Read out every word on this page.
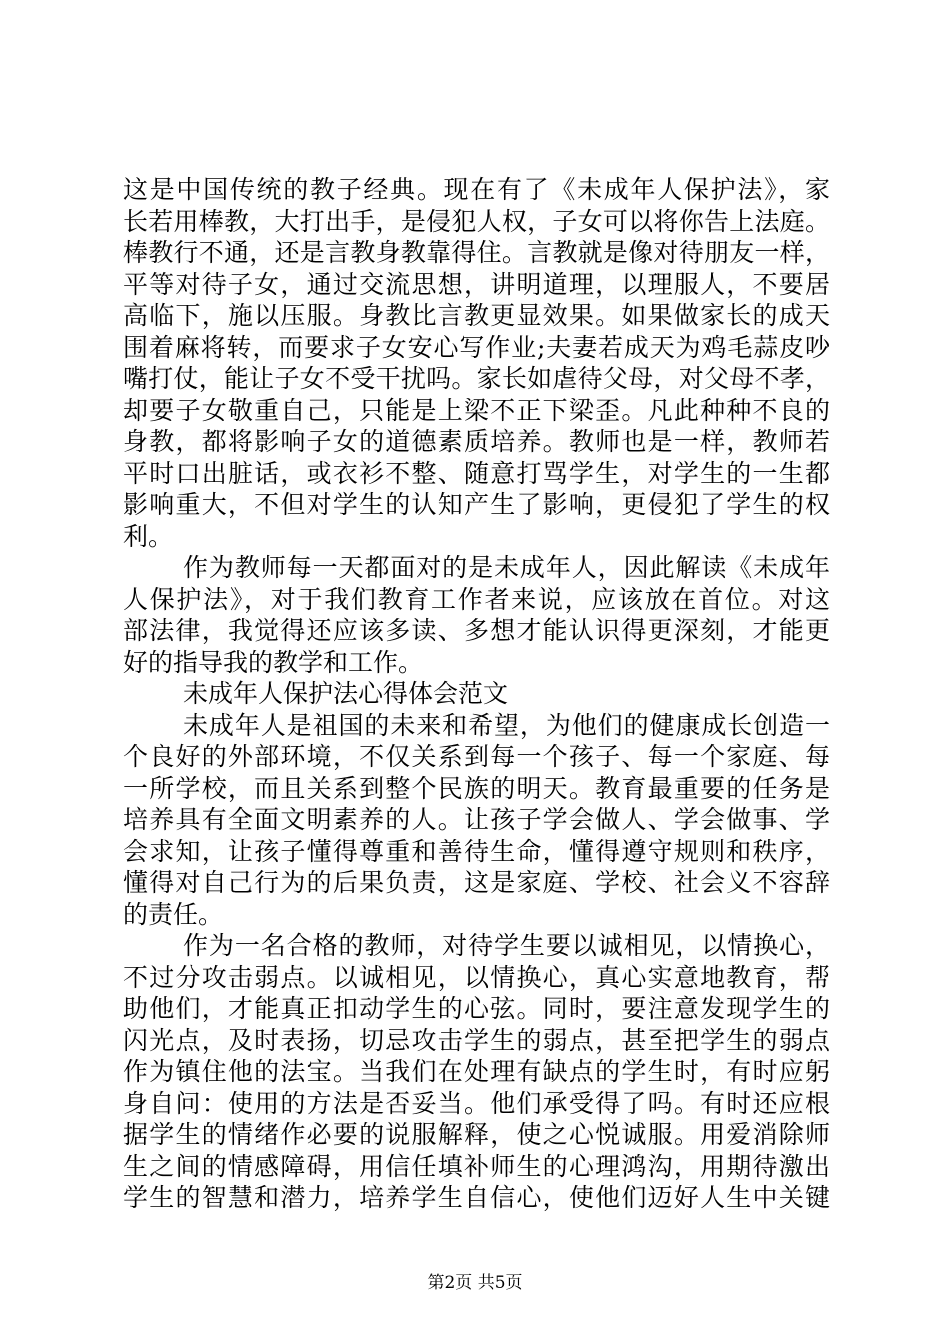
这是中国传统的教子经典。现在有了《未成年人保护法》，家
长若用棒教，大打出手，是侵犯人权，子女可以将你告上法庭。
棒教行不通，还是言教身教靠得住。言教就是像对待朋友一样，
平等对待子女，通过交流思想，讲明道理，以理服人，不要居
高临下，施以压服。身教比言教更显效果。如果做家长的成天
围着麻将转，而要求子女安心写作业;夫妻若成天为鸡毛蒜皮吵
嘴打仗，能让子女不受干扰吗。家长如虐待父母，对父母不孝，
却要子女敬重自己，只能是上梁不正下梁歪。凡此种种不良的
身教，都将影响子女的道德素质培养。教师也是一样，教师若
平时口出脏话，或衣衫不整、随意打骂学生，对学生的一生都
影响重大，不但对学生的认知产生了影响，更侵犯了学生的权
利。
作为教师每一天都面对的是未成年人，因此解读《未成年
人保护法》，对于我们教育工作者来说，应该放在首位。对这
部法律，我觉得还应该多读、多想才能认识得更深刻，才能更
好的指导我的教学和工作。
未成年人保护法心得体会范文
未成年人是祖国的未来和希望，为他们的健康成长创造一
个良好的外部环境，不仅关系到每一个孩子、每一个家庭、每
一所学校，而且关系到整个民族的明天。教育最重要的任务是
培养具有全面文明素养的人。让孩子学会做人、学会做事、学
会求知，让孩子懂得尊重和善待生命，懂得遵守规则和秩序，
懂得对自己行为的后果负责，这是家庭、学校、社会义不容辞
的责任。
作为一名合格的教师，对待学生要以诚相见，以情换心，
不过分攻击弱点。以诚相见，以情换心，真心实意地教育，帮
助他们，才能真正扣动学生的心弦。同时，要注意发现学生的
闪光点，及时表扬，切忌攻击学生的弱点，甚至把学生的弱点
作为镇住他的法宝。当我们在处理有缺点的学生时，有时应躬
身自问：使用的方法是否妥当。他们承受得了吗。有时还应根
据学生的情绪作必要的说服解释，使之心悦诚服。用爱消除师
生之间的情感障碍，用信任填补师生的心理鸿沟，用期待激出
学生的智慧和潜力，培养学生自信心，使他们迈好人生中关键
第2页 共5页
